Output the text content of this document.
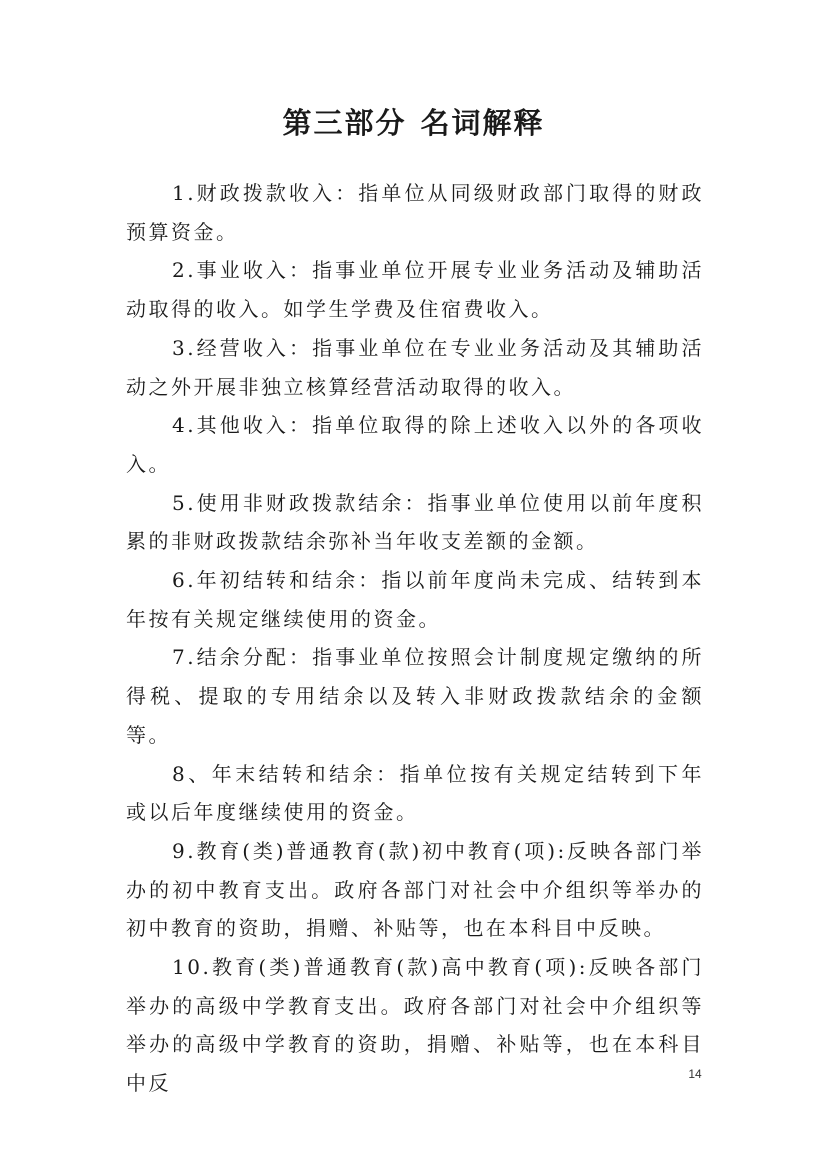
第三部分 名词解释

1.财政拨款收入：指单位从同级财政部门取得的财政预算资金。

2.事业收入：指事业单位开展专业业务活动及辅助活动取得的收入。如学生学费及住宿费收入。

3.经营收入：指事业单位在专业业务活动及其辅助活动之外开展非独立核算经营活动取得的收入。

4.其他收入：指单位取得的除上述收入以外的各项收入。

5.使用非财政拨款结余：指事业单位使用以前年度积累的非财政拨款结余弥补当年收支差额的金额。

6.年初结转和结余：指以前年度尚未完成、结转到本年按有关规定继续使用的资金。

7.结余分配：指事业单位按照会计制度规定缴纳的所得税、提取的专用结余以及转入非财政拨款结余的金额等。

8、年末结转和结余：指单位按有关规定结转到下年或以后年度继续使用的资金。

9.教育(类)普通教育(款)初中教育(项):反映各部门举办的初中教育支出。政府各部门对社会中介组织等举办的初中教育的资助，捐赠、补贴等，也在本科目中反映。

10.教育(类)普通教育(款)高中教育(项):反映各部门举办的高级中学教育支出。政府各部门对社会中介组织等举办的高级中学教育的资助，捐赠、补贴等，也在本科目中反	14
